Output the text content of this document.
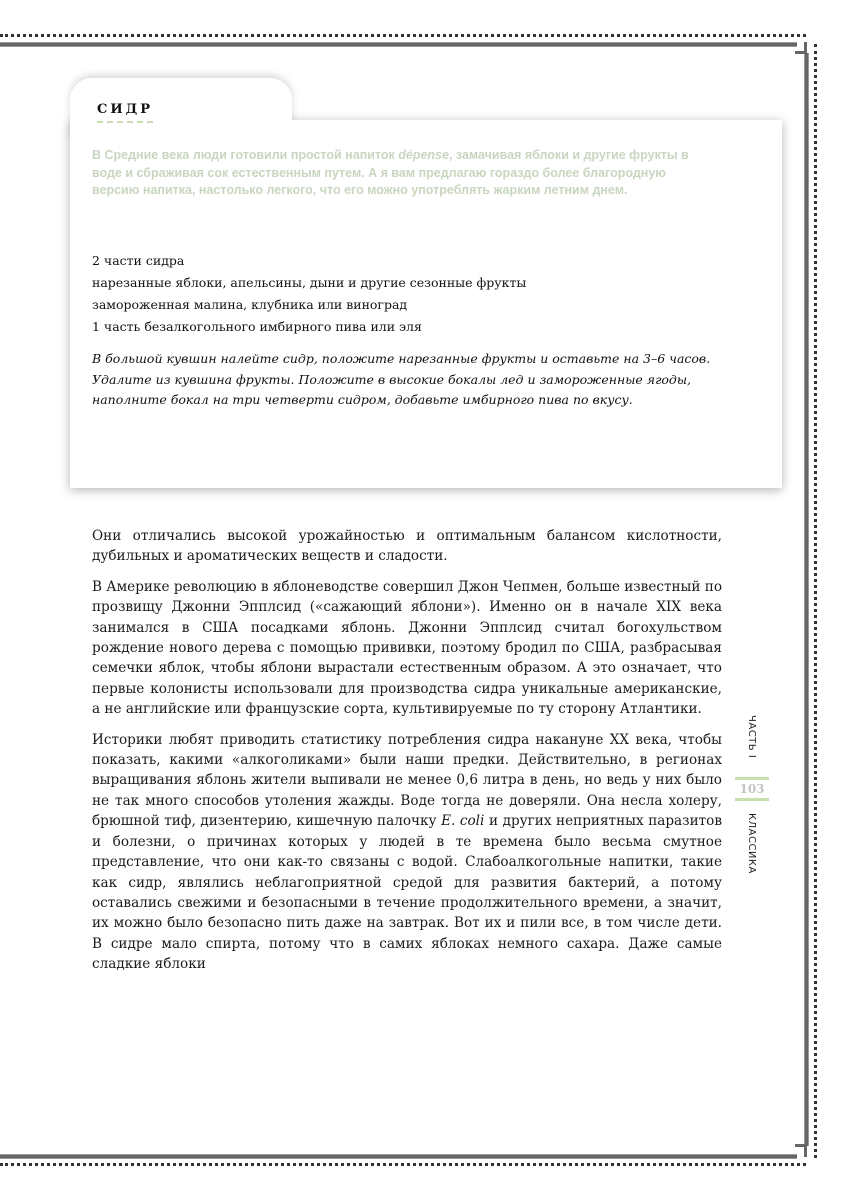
СИДР
В Средние века люди готовили простой напиток dépense, замачивая яблоки и другие фрукты в воде и сбраживая сок естественным путем. А я вам предлагаю гораздо более благородную версию напитка, настолько легкого, что его можно употреблять жарким летним днем.
2 части сидра
нарезанные яблоки, апельсины, дыни и другие сезонные фрукты
замороженная малина, клубника или виноград
1 часть безалкогольного имбирного пива или эля
В большой кувшин налейте сидр, положите нарезанные фрукты и оставьте на 3–6 часов. Удалите из кувшина фрукты. Положите в высокие бокалы лед и замороженные ягоды, наполните бокал на три четверти сидром, добавьте имбирного пива по вкусу.

Они отличались высокой урожайностью и оптимальным балансом кислотности, дубильных и ароматических веществ и сладости.

В Америке революцию в яблоневодстве совершил Джон Чепмен, больше известный по прозвищу Джонни Эпплсид («сажающий яблони»). Именно он в начале XIX века занимался в США посадками яблонь. Джонни Эпплсид считал богохульством рождение нового дерева с помощью прививки, поэтому бродил по США, разбрасывая семечки яблок, чтобы яблони вырастали естественным образом. А это означает, что первые колонисты использовали для производства сидра уникальные американские, а не английские или французские сорта, культивируемые по ту сторону Атлантики.

Историки любят приводить статистику потребления сидра накануне XX века, чтобы показать, какими «алкоголиками» были наши предки. Действительно, в регионах выращивания яблонь жители выпивали не менее 0,6 литра в день, но ведь у них было не так много способов утоления жажды. Воде тогда не доверяли. Она несла холеру, брюшной тиф, дизентерию, кишечную палочку E. coli и других неприятных паразитов и болезни, о причинах которых у людей в те времена было весьма смутное представление, что они как-то связаны с водой. Слабоалкогольные напитки, такие как сидр, являлись неблагоприятной средой для развития бактерий, а потому оставались свежими и безопасными в течение продолжительного времени, а значит, их можно было безопасно пить даже на завтрак. Вот их и пили все, в том числе дети. В сидре мало спирта, потому что в самих яблоках немного сахара. Даже самые сладкие яблоки

ЧАСТЬ I
103
КЛАССИКА
